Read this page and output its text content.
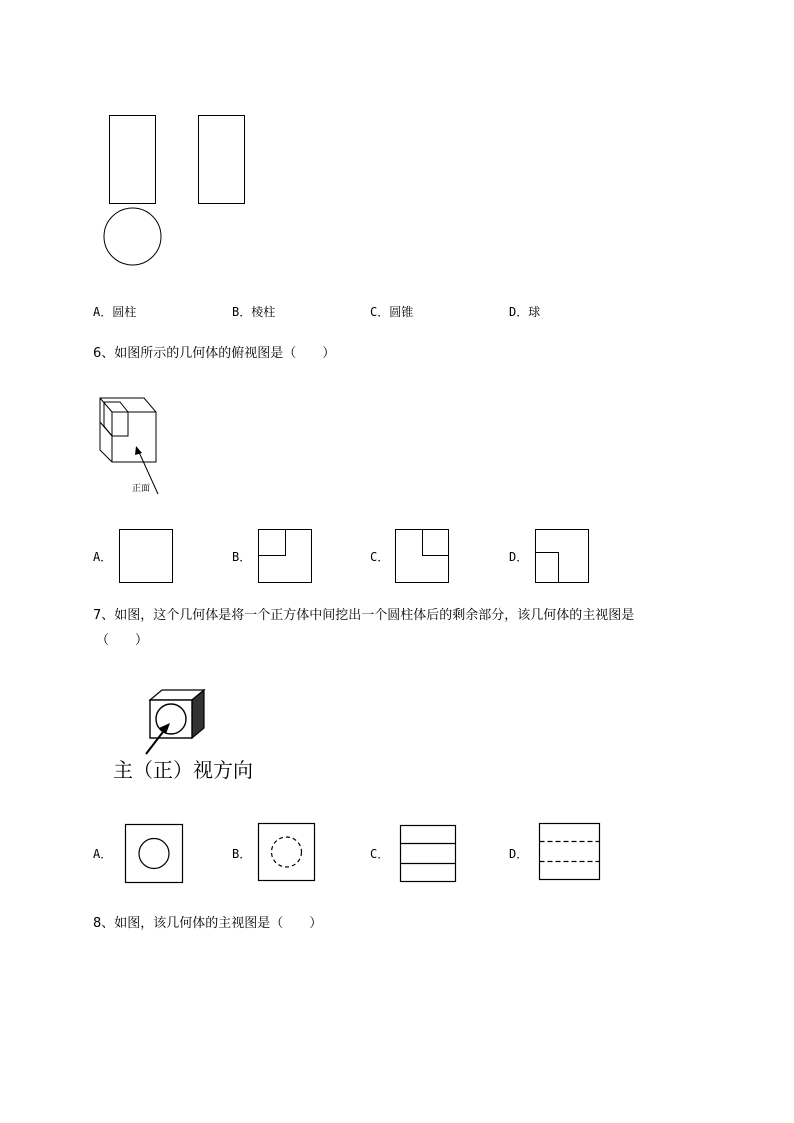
A．圆柱	B．棱柱	C．圆锥	D．球
6、如图所示的几何体的俯视图是（　　）
正面
A．	B．	C．	D．
7、如图，这个几何体是将一个正方体中间挖出一个圆柱体后的剩余部分，该几何体的主视图是
（　　）
主（正）视方向
A．	B．	C．	D．
8、如图，该几何体的主视图是（　　）
